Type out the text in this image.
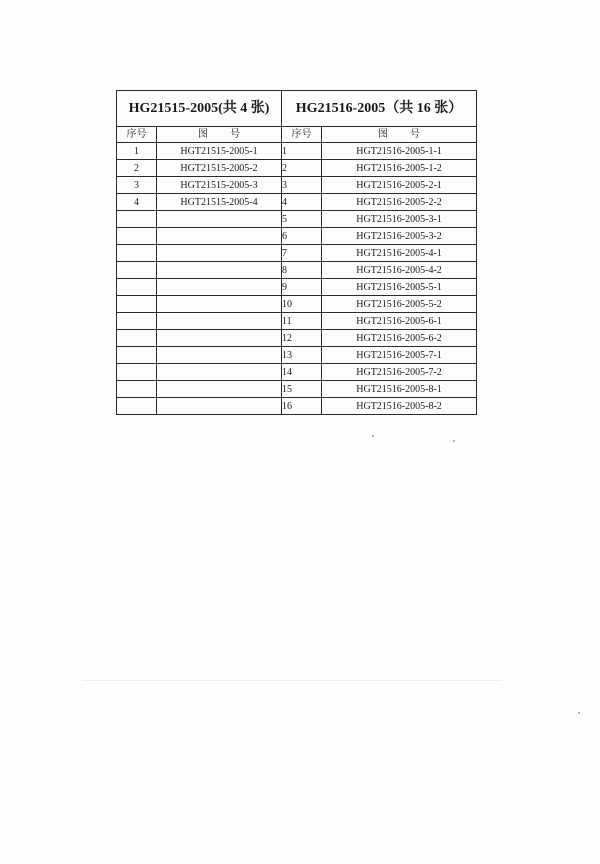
HG21515-2005(共 4 张)		HG21516-2005（共 16 张）	
序号	图 号	序号	图 号
1	HGT21515-2005-1	1	HGT21516-2005-1-1
2	HGT21515-2005-2	2	HGT21516-2005-1-2
3	HGT21515-2005-3	3	HGT21516-2005-2-1
4	HGT21515-2005-4	4	HGT21516-2005-2-2
		5	HGT21516-2005-3-1
		6	HGT21516-2005-3-2
		7	HGT21516-2005-4-1
		8	HGT21516-2005-4-2
		9	HGT21516-2005-5-1
		10	HGT21516-2005-5-2
		11	HGT21516-2005-6-1
		12	HGT21516-2005-6-2
		13	HGT21516-2005-7-1
		14	HGT21516-2005-7-2
		15	HGT21516-2005-8-1
		16	HGT21516-2005-8-2
